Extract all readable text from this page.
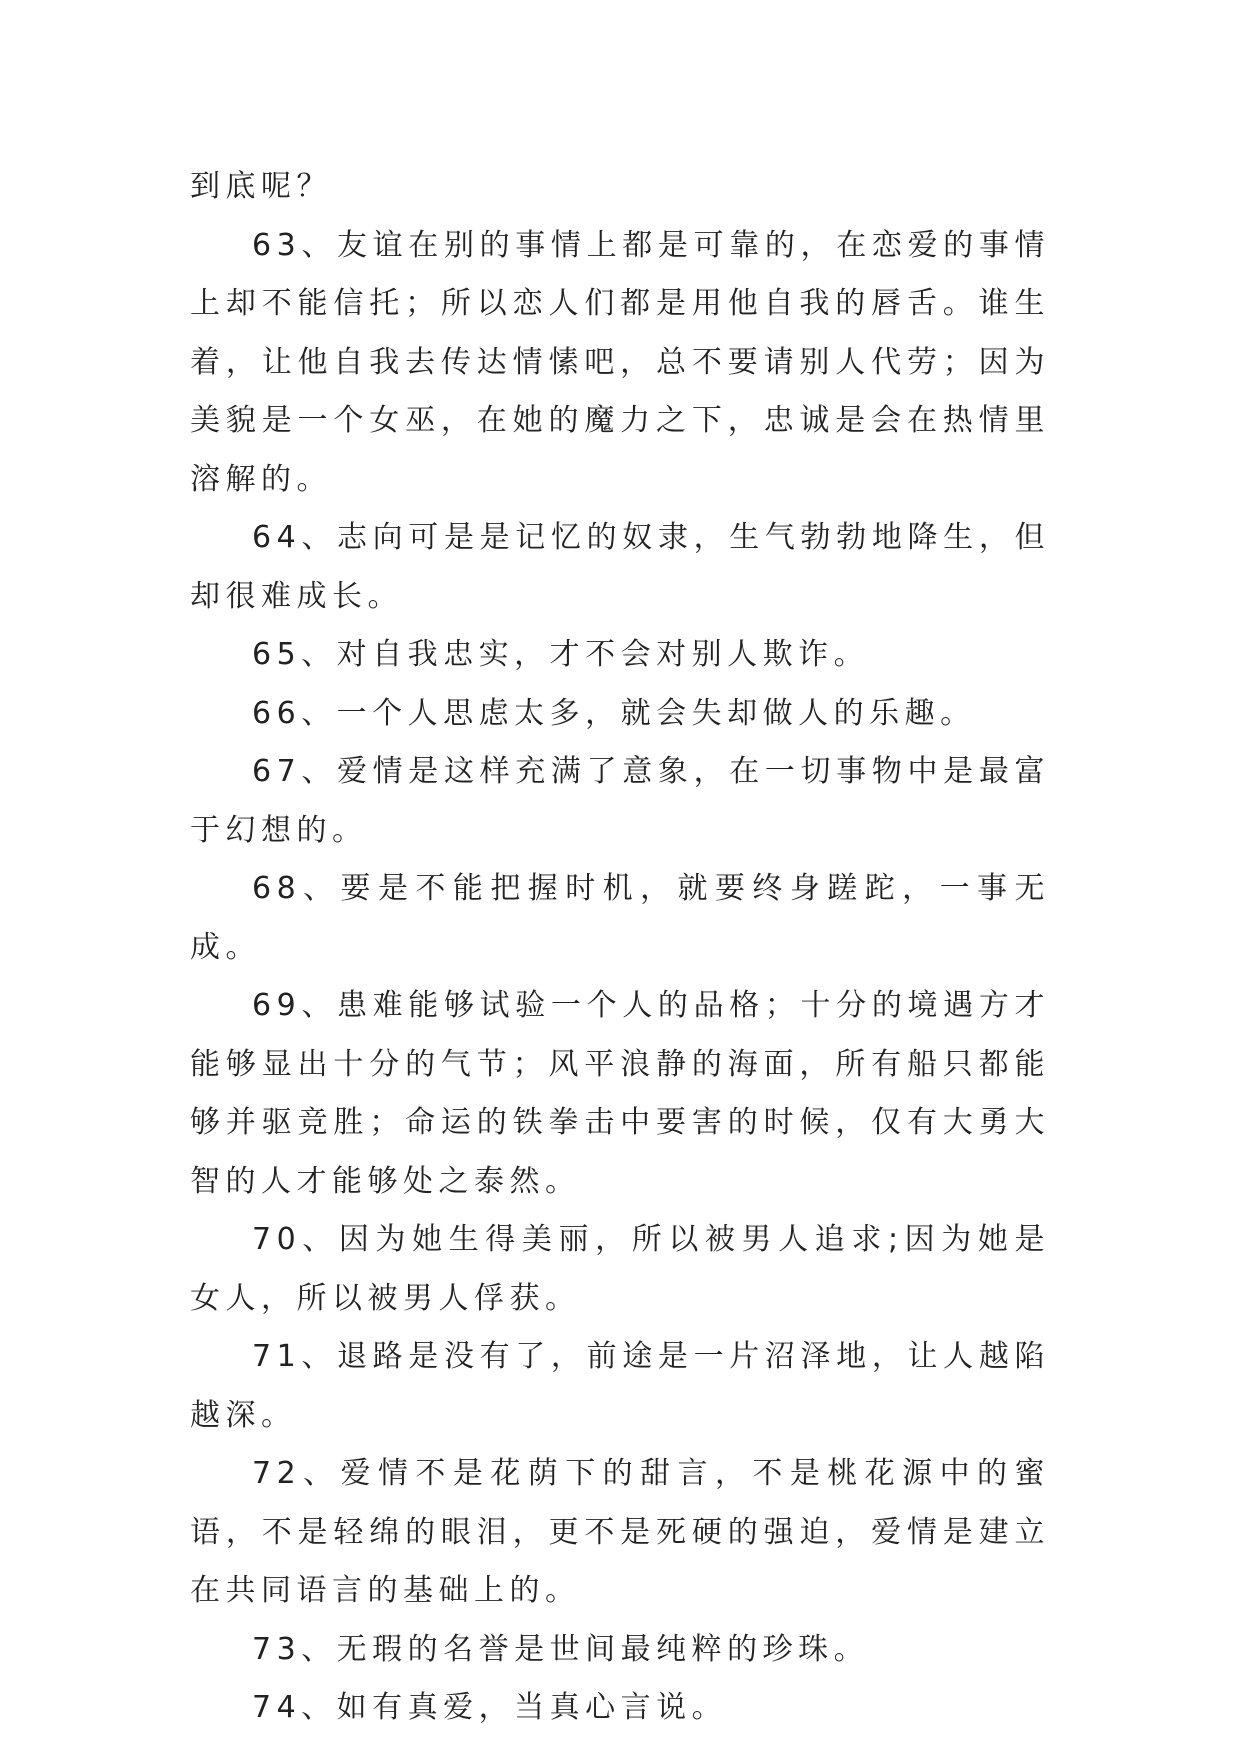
到底呢？

63、友谊在别的事情上都是可靠的，在恋爱的事情上却不能信托；所以恋人们都是用他自我的唇舌。谁生着，让他自我去传达情愫吧，总不要请别人代劳；因为美貌是一个女巫，在她的魔力之下，忠诚是会在热情里溶解的。

64、志向可是是记忆的奴隶，生气勃勃地降生，但却很难成长。

65、对自我忠实，才不会对别人欺诈。

66、一个人思虑太多，就会失却做人的乐趣。

67、爱情是这样充满了意象，在一切事物中是最富于幻想的。

68、要是不能把握时机，就要终身蹉跎，一事无成。

69、患难能够试验一个人的品格；十分的境遇方才能够显出十分的气节；风平浪静的海面，所有船只都能够并驱竞胜；命运的铁拳击中要害的时候，仅有大勇大智的人才能够处之泰然。

70、因为她生得美丽，所以被男人追求;因为她是女人，所以被男人俘获。

71、退路是没有了，前途是一片沼泽地，让人越陷越深。

72、爱情不是花荫下的甜言，不是桃花源中的蜜语，不是轻绵的眼泪，更不是死硬的强迫，爱情是建立在共同语言的基础上的。

73、无瑕的名誉是世间最纯粹的珍珠。

74、如有真爱，当真心言说。
